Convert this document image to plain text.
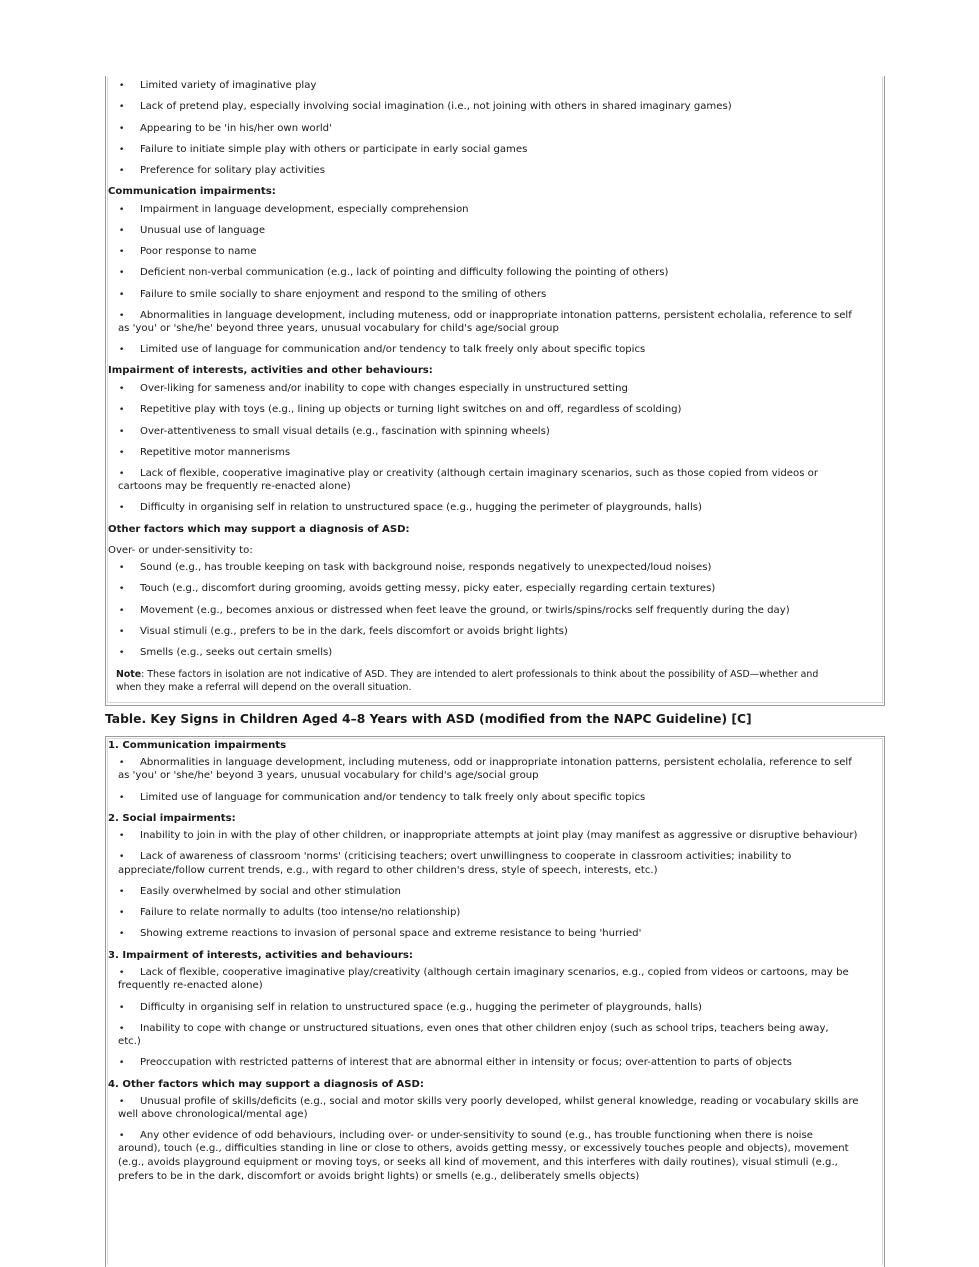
• Limited variety of imaginative play
• Lack of pretend play, especially involving social imagination (i.e., not joining with others in shared imaginary games)
• Appearing to be 'in his/her own world'
• Failure to initiate simple play with others or participate in early social games
• Preference for solitary play activities
Communication impairments:
• Impairment in language development, especially comprehension
• Unusual use of language
• Poor response to name
• Deficient non-verbal communication (e.g., lack of pointing and difficulty following the pointing of others)
• Failure to smile socially to share enjoyment and respond to the smiling of others
• Abnormalities in language development, including muteness, odd or inappropriate intonation patterns, persistent echolalia, reference to self
as 'you' or 'she/he' beyond three years, unusual vocabulary for child's age/social group
• Limited use of language for communication and/or tendency to talk freely only about specific topics
Impairment of interests, activities and other behaviours:
• Over-liking for sameness and/or inability to cope with changes especially in unstructured setting
• Repetitive play with toys (e.g., lining up objects or turning light switches on and off, regardless of scolding)
• Over-attentiveness to small visual details (e.g., fascination with spinning wheels)
• Repetitive motor mannerisms
• Lack of flexible, cooperative imaginative play or creativity (although certain imaginary scenarios, such as those copied from videos or
cartoons may be frequently re-enacted alone)
• Difficulty in organising self in relation to unstructured space (e.g., hugging the perimeter of playgrounds, halls)
Other factors which may support a diagnosis of ASD:
Over- or under-sensitivity to:
• Sound (e.g., has trouble keeping on task with background noise, responds negatively to unexpected/loud noises)
• Touch (e.g., discomfort during grooming, avoids getting messy, picky eater, especially regarding certain textures)
• Movement (e.g., becomes anxious or distressed when feet leave the ground, or twirls/spins/rocks self frequently during the day)
• Visual stimuli (e.g., prefers to be in the dark, feels discomfort or avoids bright lights)
• Smells (e.g., seeks out certain smells)
Note: These factors in isolation are not indicative of ASD. They are intended to alert professionals to think about the possibility of ASD—whether and
when they make a referral will depend on the overall situation.
Table. Key Signs in Children Aged 4–8 Years with ASD (modified from the NAPC Guideline) [C]
1. Communication impairments
• Abnormalities in language development, including muteness, odd or inappropriate intonation patterns, persistent echolalia, reference to self
as 'you' or 'she/he' beyond 3 years, unusual vocabulary for child's age/social group
• Limited use of language for communication and/or tendency to talk freely only about specific topics
2. Social impairments:
• Inability to join in with the play of other children, or inappropriate attempts at joint play (may manifest as aggressive or disruptive behaviour)
• Lack of awareness of classroom 'norms' (criticising teachers; overt unwillingness to cooperate in classroom activities; inability to
appreciate/follow current trends, e.g., with regard to other children's dress, style of speech, interests, etc.)
• Easily overwhelmed by social and other stimulation
• Failure to relate normally to adults (too intense/no relationship)
• Showing extreme reactions to invasion of personal space and extreme resistance to being 'hurried'
3. Impairment of interests, activities and behaviours:
• Lack of flexible, cooperative imaginative play/creativity (although certain imaginary scenarios, e.g., copied from videos or cartoons, may be
frequently re-enacted alone)
• Difficulty in organising self in relation to unstructured space (e.g., hugging the perimeter of playgrounds, halls)
• Inability to cope with change or unstructured situations, even ones that other children enjoy (such as school trips, teachers being away,
etc.)
• Preoccupation with restricted patterns of interest that are abnormal either in intensity or focus; over-attention to parts of objects
4. Other factors which may support a diagnosis of ASD:
• Unusual profile of skills/deficits (e.g., social and motor skills very poorly developed, whilst general knowledge, reading or vocabulary skills are
well above chronological/mental age)
• Any other evidence of odd behaviours, including over- or under-sensitivity to sound (e.g., has trouble functioning when there is noise
around), touch (e.g., difficulties standing in line or close to others, avoids getting messy, or excessively touches people and objects), movement
(e.g., avoids playground equipment or moving toys, or seeks all kind of movement, and this interferes with daily routines), visual stimuli (e.g.,
prefers to be in the dark, discomfort or avoids bright lights) or smells (e.g., deliberately smells objects)
